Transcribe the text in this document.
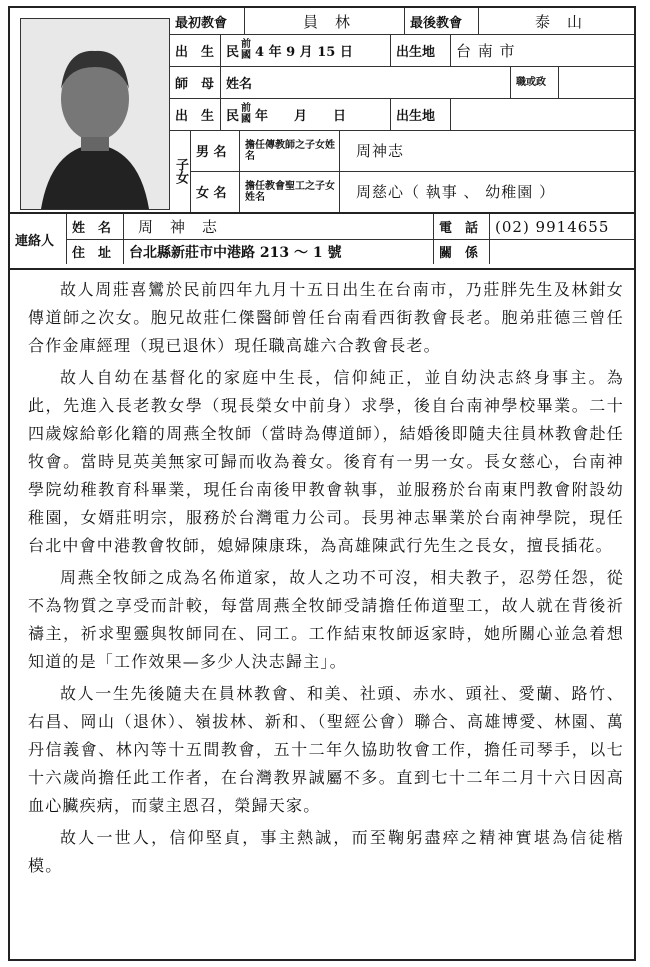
最初教會	員　林	最後教會	泰　山
出　生 民 前國 4 年 9 月 15 日	出生地	台 南 市
師　母 姓名	職或政
出　生 民 前國 年　　月　　日	出生地
子女
男 名	擔任傳教師之子女姓名	周神志
女 名	擔任教會聖工之子女姓名	周慈心（ 執事 、 幼稚園 ）
連絡人
姓　名	周　神　志	電　話	(02) 9914655
住　址	台北縣新莊市中港路 213 ～ 1 號	關　係

故人周莊喜鸞於民前四年九月十五日出生在台南市，乃莊胖先生及林鉗女傳道師之次女。胞兄故莊仁傑醫師曾任台南看西街教會長老。胞弟莊德三曾任合作金庫經理（現已退休）現任職高雄六合教會長老。

故人自幼在基督化的家庭中生長，信仰純正，並自幼決志終身事主。為此，先進入長老教女學（現長榮女中前身）求學，後自台南神學校畢業。二十四歲嫁給彰化籍的周燕全牧師（當時為傳道師），結婚後即隨夫往員林教會赴任牧會。當時見英美無家可歸而收為養女。後育有一男一女。長女慈心，台南神學院幼稚教育科畢業，現任台南後甲教會執事，並服務於台南東門教會附設幼稚園，女婿莊明宗，服務於台灣電力公司。長男神志畢業於台南神學院，現任台北中會中港教會牧師，媳婦陳康珠，為高雄陳武行先生之長女，擅長插花。

周燕全牧師之成為名佈道家，故人之功不可沒，相夫教子，忍勞任怨，從不為物質之享受而計較，每當周燕全牧師受請擔任佈道聖工，故人就在背後祈禱主，祈求聖靈與牧師同在、同工。工作結束牧師返家時，她所關心並急着想知道的是「工作效果—多少人決志歸主」。

故人一生先後隨夫在員林教會、和美、社頭、赤水、頭社、愛蘭、路竹、右昌、岡山（退休）、嶺拔林、新和、（聖經公會）聯合、高雄博愛、林園、萬丹信義會、林內等十五間教會，五十二年久協助牧會工作，擔任司琴手，以七十六歲尚擔任此工作者，在台灣教界誠屬不多。直到七十二年二月十六日因高血心臟疾病，而蒙主恩召，榮歸天家。

故人一世人，信仰堅貞，事主熱誠，而至鞠躬盡瘁之精神實堪為信徒楷模。
